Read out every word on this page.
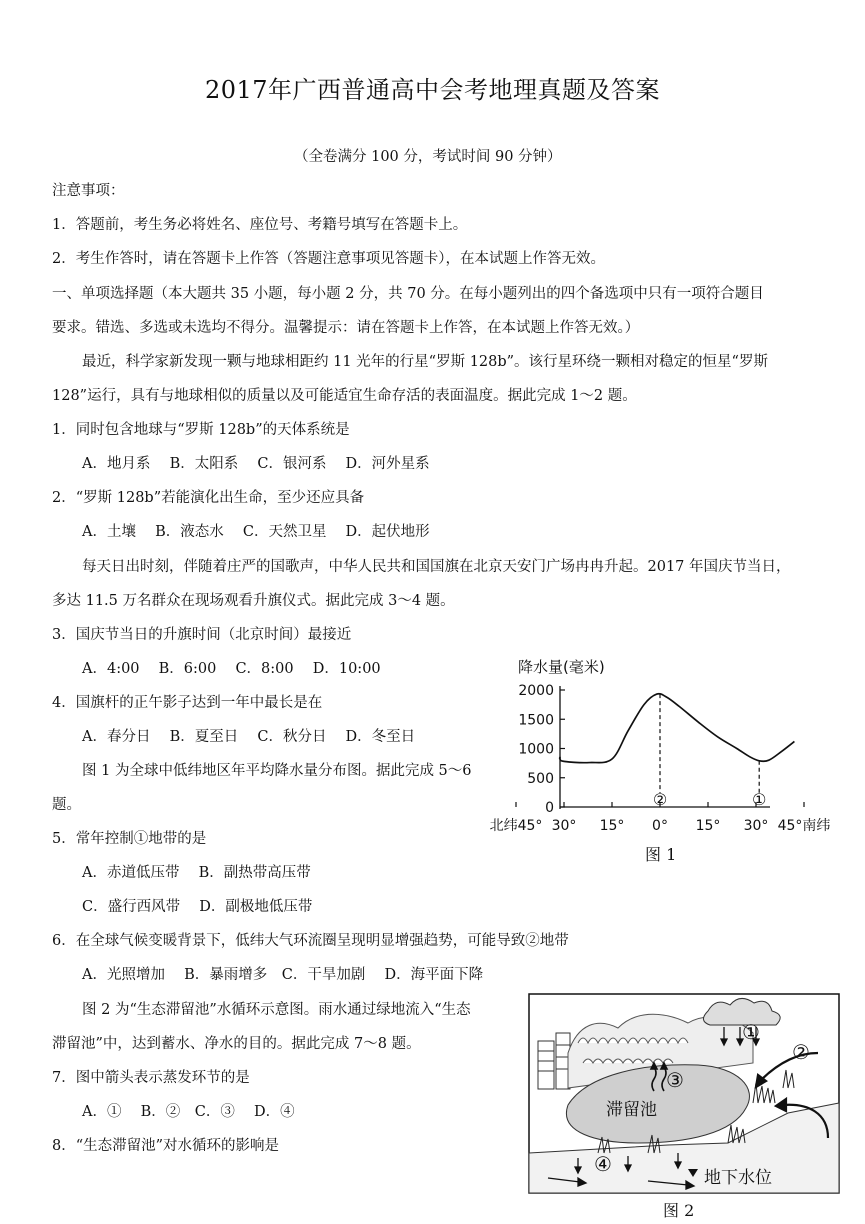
2017年广西普通高中会考地理真题及答案
（全卷满分 100 分，考试时间 90 分钟）
注意事项：
1．答题前，考生务必将姓名、座位号、考籍号填写在答题卡上。
2．考生作答时，请在答题卡上作答（答题注意事项见答题卡），在本试题上作答无效。
一、单项选择题（本大题共 35 小题，每小题 2 分，共 70 分。在每小题列出的四个备选项中只有一项符合题目
要求。错选、多选或未选均不得分。温馨提示：请在答题卡上作答，在本试题上作答无效。）
最近，科学家新发现一颗与地球相距约 11 光年的行星“罗斯 128b”。该行星环绕一颗相对稳定的恒星“罗斯
128”运行，具有与地球相似的质量以及可能适宜生命存活的表面温度。据此完成 1～2 题。
1．同时包含地球与“罗斯 128b”的天体系统是
A．地月系　 B．太阳系　 C．银河系　 D．河外星系
2．“罗斯 128b”若能演化出生命，至少还应具备
A．土壤　 B．液态水　 C．天然卫星　 D．起伏地形
每天日出时刻，伴随着庄严的国歌声，中华人民共和国国旗在北京天安门广场冉冉升起。2017 年国庆节当日，
多达 11.5 万名群众在现场观看升旗仪式。据此完成 3～4 题。
3．国庆节当日的升旗时间（北京时间）最接近
A．4:00　 B．6:00　 C．8:00　 D．10:00
4．国旗杆的正午影子达到一年中最长是在
A．春分日　 B．夏至日　 C．秋分日　 D．冬至日
图 1 为全球中低纬地区年平均降水量分布图。据此完成 5～6
题。
5．常年控制①地带的是
A．赤道低压带　 B．副热带高压带
C．盛行西风带　 D．副极地低压带
6．在全球气候变暖背景下，低纬大气环流圈呈现明显增强趋势，可能导致②地带
A．光照增加　 B．暴雨增多　C．干旱加剧　 D．海平面下降
图 2 为“生态滞留池”水循环示意图。雨水通过绿地流入“生态
滞留池”中，达到蓄水、净水的目的。据此完成 7～8 题。
7．图中箭头表示蒸发环节的是
A．①　 B．②　C．③　 D．④
8．“生态滞留池”对水循环的影响是
降水量(毫米)
0
500
1000
1500
2000
北纬45° 30° 15° 0° 15° 30° 45°南纬
②	①
图 1
滞留池
地下水位
①
②
③
④
图 2
